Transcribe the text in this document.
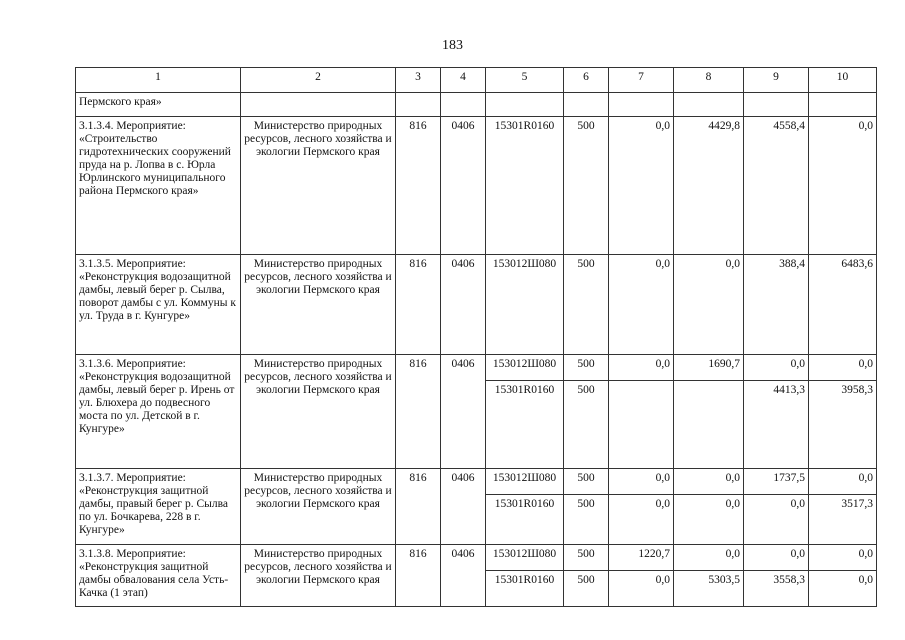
183
1	2	3	4	5	6	7	8	9	10
Пермского края»									
3.1.3.4. Мероприятие: «Строительство гидротехнических сооружений пруда на р. Лопва в с. Юрла Юрлинского муниципального района Пермского края»	Министерство природных ресурсов, лесного хозяйства и экологии Пермского края	816	0406	15301R0160	500	0,0	4429,8	4558,4	0,0
3.1.3.5. Мероприятие: «Реконструкция водозащитной дамбы, левый берег р. Сылва, поворот дамбы с ул. Коммуны к ул. Труда в г. Кунгуре»	Министерство природных ресурсов, лесного хозяйства и экологии Пермского края	816	0406	153012Ш080	500	0,0	0,0	388,4	6483,6
3.1.3.6. Мероприятие: «Реконструкция водозащитной дамбы, левый берег р. Ирень от ул. Блюхера до подвесного моста по ул. Детской в г. Кунгуре»	Министерство природных ресурсов, лесного хозяйства и экологии Пермского края	816	0406	153012Ш080	500	0,0	1690,7	0,0	0,0
				15301R0160	500			4413,3	3958,3
3.1.3.7. Мероприятие: «Реконструкция защитной дамбы, правый берег р. Сылва по ул. Бочкарева, 228 в г. Кунгуре»	Министерство природных ресурсов, лесного хозяйства и экологии Пермского края	816	0406	153012Ш080	500	0,0	0,0	1737,5	0,0
				15301R0160	500	0,0	0,0	0,0	3517,3
3.1.3.8. Мероприятие: «Реконструкция защитной дамбы обвалования села Усть-Качка (1 этап)	Министерство природных ресурсов, лесного хозяйства и экологии Пермского края	816	0406	153012Ш080	500	1220,7	0,0	0,0	0,0
				15301R0160	500	0,0	5303,5	3558,3	0,0
